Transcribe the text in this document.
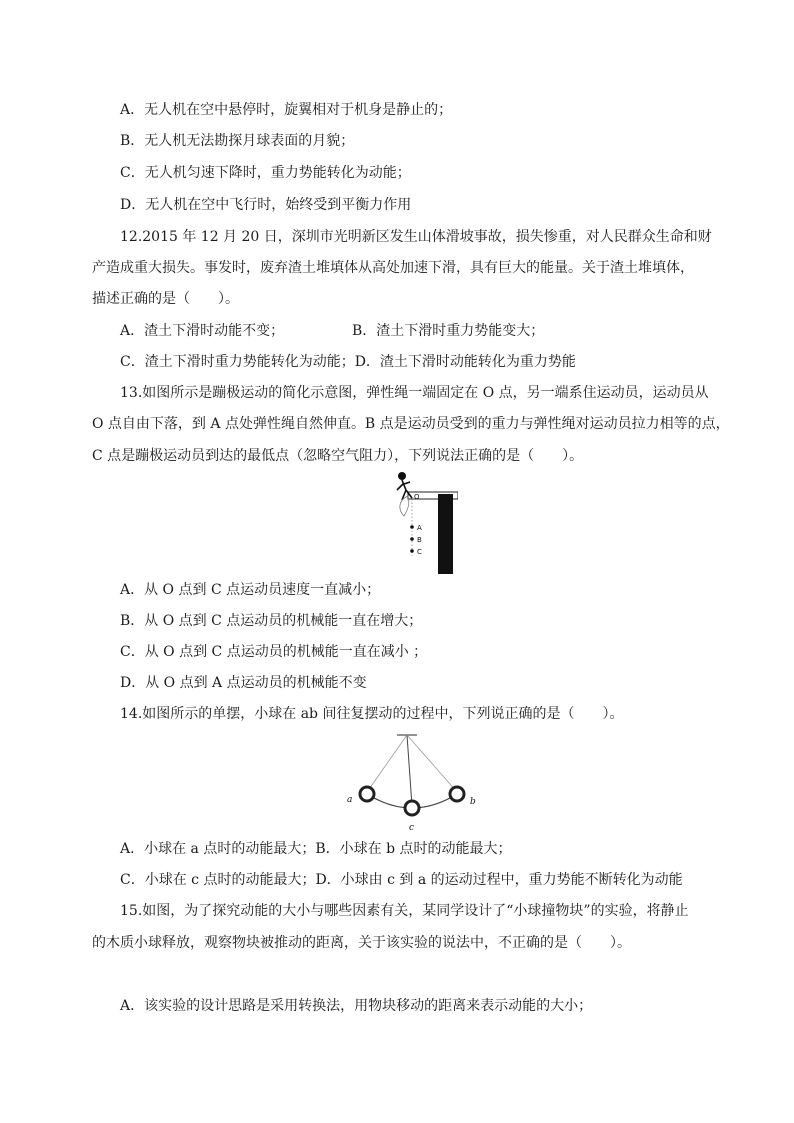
A．无人机在空中悬停时，旋翼相对于机身是静止的；
B．无人机无法勘探月球表面的月貌；
C．无人机匀速下降时，重力势能转化为动能；
D．无人机在空中飞行时，始终受到平衡力作用
12.2015 年 12 月 20 日，深圳市光明新区发生山体滑坡事故，损失惨重，对人民群众生命和财
产造成重大损失。事发时，废弃渣土堆填体从高处加速下滑，具有巨大的能量。关于渣土堆填体，
描述正确的是（　　）。
A．渣土下滑时动能不变；	B．渣土下滑时重力势能变大；
C．渣土下滑时重力势能转化为动能；D．渣土下滑时动能转化为重力势能
13.如图所示是蹦极运动的简化示意图，弹性绳一端固定在 O 点，另一端系住运动员，运动员从
O 点自由下落，到 A 点处弹性绳自然伸直。B 点是运动员受到的重力与弹性绳对运动员拉力相等的点，
C 点是蹦极运动员到达的最低点（忽略空气阻力），下列说法正确的是（　　）。
O
A
B
C
A．从 O 点到 C 点运动员速度一直减小；
B．从 O 点到 C 点运动员的机械能一直在增大；
C．从 O 点到 C 点运动员的机械能一直在减小 ；
D．从 O 点到 A 点运动员的机械能不变
14.如图所示的单摆，小球在 ab 间往复摆动的过程中，下列说正确的是（　　）。
a	b
c
A．小球在 a 点时的动能最大；B．小球在 b 点时的动能最大；
C．小球在 c 点时的动能最大；D．小球由 c 到 a 的运动过程中，重力势能不断转化为动能
15.如图，为了探究动能的大小与哪些因素有关，某同学设计了“小球撞物块”的实验，将静止
的木质小球释放，观察物块被推动的距离，关于该实验的说法中，不正确的是（　　）。
A．该实验的设计思路是采用转换法，用物块移动的距离来表示动能的大小；
